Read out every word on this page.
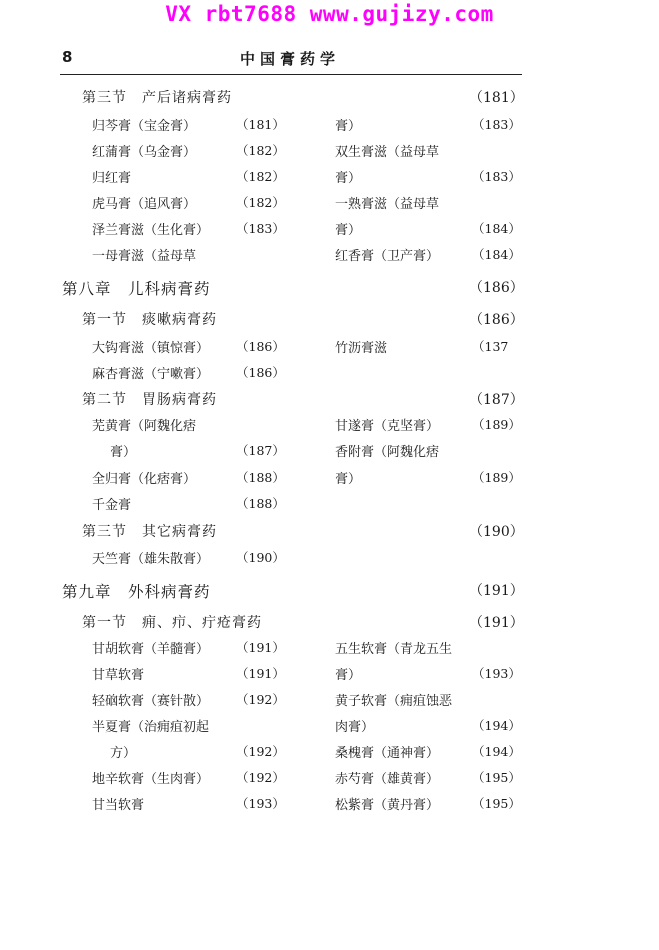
VX rbt7688 www.gujizy.com
8	中国膏药学
第三节　产后诸病膏药	（181）
归芩膏（宝金膏）	（181）	膏）	（183）
红蒲膏（乌金膏）	（182）	双生膏滋（益母草
归红膏	（182）	膏）	（183）
虎马膏（追风膏）	（182）	一熟膏滋（益母草
泽兰膏滋（生化膏） （183）	膏）	（184）
一母膏滋（益母草	红香膏（卫产膏）	（184）
第八章　儿科病膏药	（186）
第一节　痰嗽病膏药	（186）
大钩膏滋（镇惊膏） （186）	竹沥膏滋	（137
麻杏膏滋（宁嗽膏） （186）
第二节　胃肠病膏药	（187）
芜黄膏（阿魏化痞	甘遂膏（克坚膏）	（189）
膏）	（187）	香附膏（阿魏化痞
全归膏（化痞膏）	（188）	膏）	（189）
千金膏	（188）
第三节　其它病膏药	（190）
天竺膏（雄朱散膏） （190）
第九章　外科病膏药	（191）
第一节　痈、疖、疔疮膏药	（191）
甘胡软膏（羊髓膏） （191）	五生软膏（青龙五生
甘草软膏	（191）	膏）	（193）
轻硇软膏（赛针散） （192）	黄子软膏（痈疽蚀恶
半夏膏（治痈疽初起	肉膏）	（194）
方）	（192）	桑槐膏（通神膏）	（194）
地辛软膏（生肉膏） （192）	赤芍膏（雄黄膏）	（195）
甘当软膏	（193）	松紫膏（黄丹膏）	（195）
